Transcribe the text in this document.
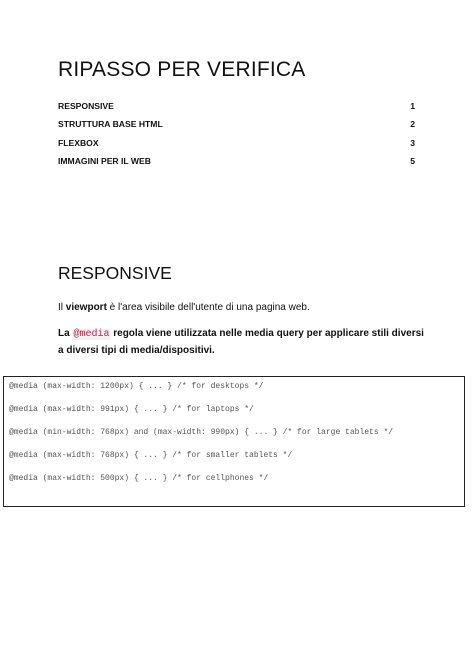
RIPASSO PER VERIFICA
RESPONSIVE	1
STRUTTURA BASE HTML	2
FLEXBOX	3
IMMAGINI PER IL WEB	5
RESPONSIVE

Il viewport è l'area visibile dell'utente di una pagina web.

La @media regola viene utilizzata nelle media query per applicare stili diversi a diversi tipi di media/dispositivi.

@media (max-width: 1200px) { ... } /* for desktops */
@media (max-width: 991px) { ... } /* for laptops */
@media (min-width: 768px) and (max-width: 990px) { ... } /* for large tablets */
@media (max-width: 768px) { ... } /* for smaller tablets */
@media (max-width: 500px) { ... } /* for cellphones */
